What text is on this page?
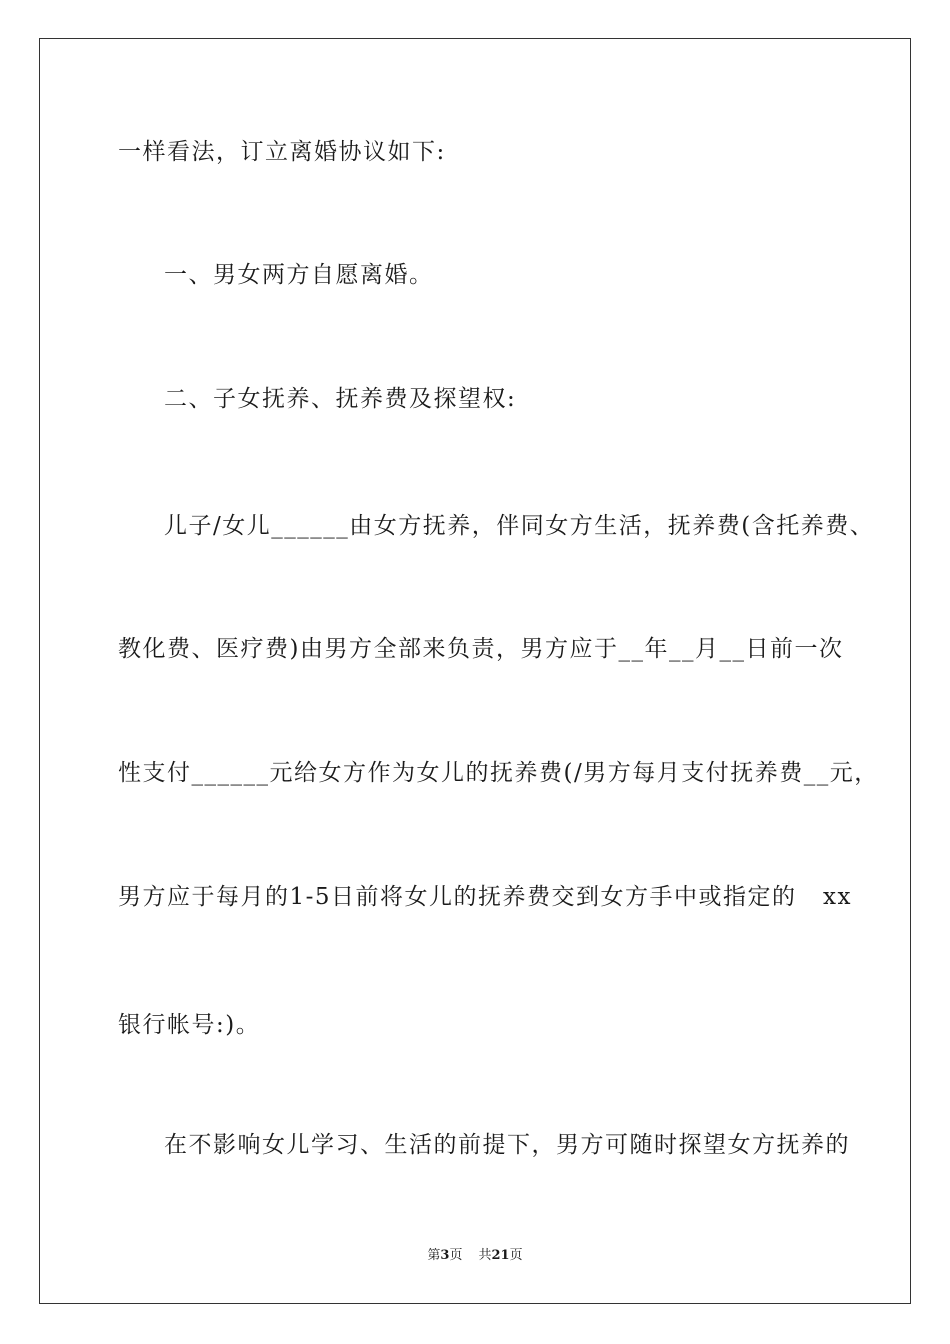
一样看法，订立离婚协议如下:
一、男女两方自愿离婚。
二、子女抚养、抚养费及探望权:
儿子/女儿______由女方抚养，伴同女方生活，抚养费(含托养费、
教化费、医疗费)由男方全部来负责，男方应于__年__月__日前一次
性支付______元给女方作为女儿的抚养费(/男方每月支付抚养费__元，
男方应于每月的1-5日前将女儿的抚养费交到女方手中或指定的   xx
银行帐号:)。
在不影响女儿学习、生活的前提下，男方可随时探望女方抚养的
第3页 共21页
